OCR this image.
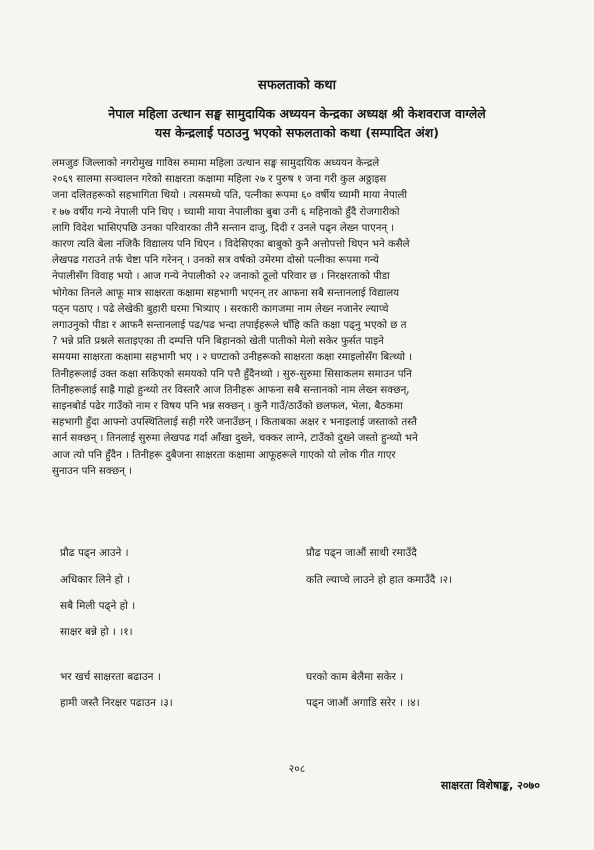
सफलताको कथा
नेपाल महिला उत्थान सङ्घ सामुदायिक अध्ययन केन्द्रका अध्यक्ष श्री केशवराज वाग्लेले
यस केन्द्रलाई पठाउनु भएको सफलताको कथा (सम्पादित अंश)
लमजुङ जिल्लाको नगरोमुख गाविस रुमामा महिला उत्थान सङ्घ सामुदायिक अध्ययन केन्द्रले
२०६९ सालमा सञ्चालन गरेको साक्षरता कक्षामा महिला २७ र पुरुष १ जना गरी कुल अठ्ठाइस
जना दलितहरूको सहभागिता थियो । त्यसमध्ये पति, पत्नीका रूपमा ६० वर्षीय च्यामी माया नेपाली
र ७७ वर्षीय गन्ये नेपाली पनि थिए । च्यामी माया नेपालीका बुबा उनी ६ महिनाको हुँदै रोजगारीको
लागि विदेश भासिएपछि उनका परिवारका तीनै सन्तान दाजु, दिदी र उनले पढ्न लेख्न पाएनन् ।
कारण त्यति बेला नजिकै विद्यालय पनि थिएन । विदेसिएका बाबुको कुनै अत्तोपत्तो थिएन भने कसैले
लेखपढ गराउने तर्फ चेष्टा पनि गरेनन् । उनको सत्र वर्षको उमेरमा दोस्रो पत्नीका रूपमा गन्ये
नेपालीसँग विवाह भयो । आज गन्ये नेपालीको २२ जनाको ठूलो परिवार छ । निरक्षरताको पीडा
भोगेका तिनले आफू मात्र साक्षरता कक्षामा सहभागी भएनन् तर आफना सबै सन्तानलाई विद्यालय
पठ्न पठाए । पढे लेखेकी बुहारी घरमा भित्र्याए । सरकारी कागजमा नाम लेख्न नजानेर ल्याप्चे
लगाउनुको पीडा र आफनै सन्तानलाई पढ/पढ भन्दा तपाईहरूले चाँहि कति कक्षा पढ्नु भएको छ त
? भन्ने प्रति प्रश्नले सताइएका ती दम्पत्ति पनि बिहानको खेती पातीको मेलो सकेर फुर्सत पाइने
समयमा साक्षरता कक्षामा सहभागी भए । २ घण्टाको उनीहरूको साक्षरता कक्षा रमाइलोसँग बित्थ्यो ।
तिनीहरूलाई उक्त कक्षा सकिएको समयको पनि पत्तै हुँदैनथ्यो । सुरु-सुरुमा सिसाकलम समाउन पनि
तिनीहरूलाई साह्रै गाह्रो हुन्थ्यो तर विस्तारै आज तिनीहरू आफना सबै सन्तानको नाम लेख्न सक्छन्,
साइनबोर्ड पढेर गाउँको नाम र विषय पनि भन्न सक्छन् । कुनै गाउँ/ठाउँको छलफल, भेला, बैठकमा
सहभागी हुँदा आफ्नो उपस्थितिलाई सही गरेरै जनाउँछन् । किताबका अक्षर र भनाइलाई जस्ताको तस्तै
सार्न सक्छन् । तिनलाई सुरुमा लेखपढ गर्दा आँखा दुख्ने, चक्कर लाग्ने, टाउँको दुख्ने जस्तो हुन्थ्यो भने
आज त्यो पनि हुँदैन । तिनीहरू दुबैजना साक्षरता कक्षामा आफूहरूले गाएको यो लोक गीत गाएर
सुनाउन पनि सक्छन् ।
प्रौढ पढ्न आउने ।
अधिकार लिने हो ।
सबै मिली पढ्ने हो ।
साक्षर बन्ने हो । ।१।
प्रौढ पढ्न जाऔं साथी रमाउँदै
कति ल्याप्चे लाउने हो हात कमाउँदै ।२।
भर खर्च साक्षरता बढाउन ।
हामी जस्तै निरक्षर पढाउन ।३।
घरको काम बेलैमा सकेर ।
पढ्न जाऔं अगाडि सरेर । ।४।
२०८
साक्षरता विशेषाङ्क, २०७०
